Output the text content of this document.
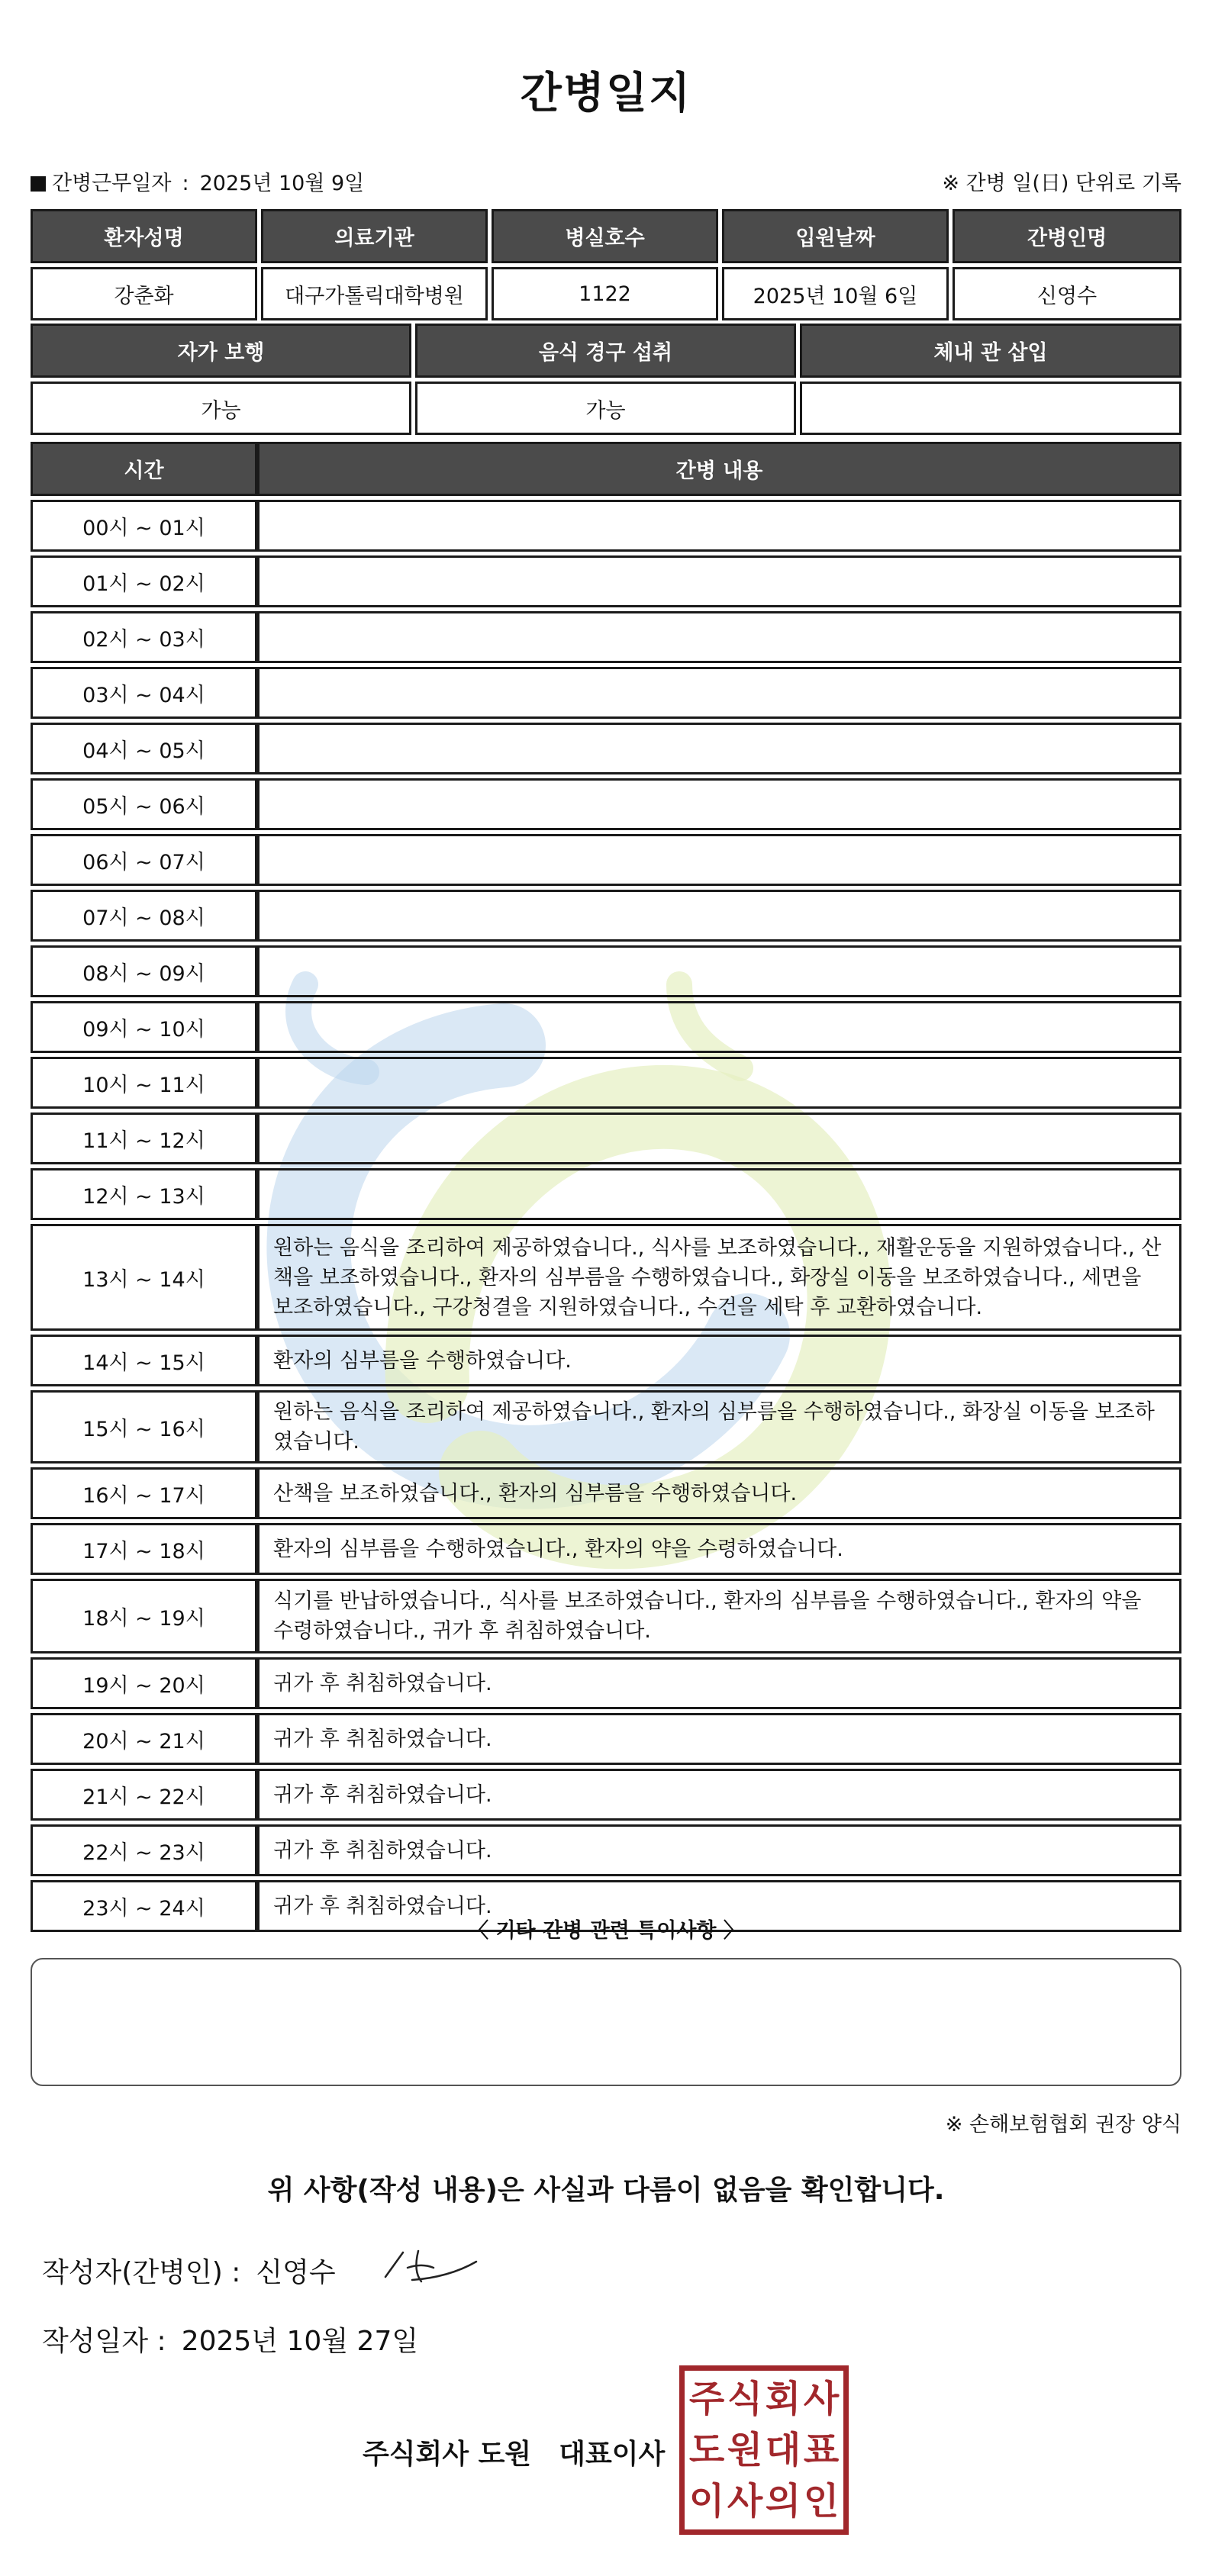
간병일지
간병근무일자 : 2025년 10월 9일	※ 간병 일(日) 단위로 기록
환자성명	의료기관	병실호수	입원날짜	간병인명
강춘화	대구가톨릭대학병원	1122	2025년 10월 6일	신영수
자가 보행	음식 경구 섭취	체내 관 삽입
가능	가능
시간	간병 내용
00시 ~ 01시	
01시 ~ 02시	
02시 ~ 03시	
03시 ~ 04시	
04시 ~ 05시	
05시 ~ 06시	
06시 ~ 07시	
07시 ~ 08시	
08시 ~ 09시	
09시 ~ 10시	
10시 ~ 11시	
11시 ~ 12시	
12시 ~ 13시	
13시 ~ 14시	원하는 음식을 조리하여 제공하였습니다., 식사를 보조하였습니다., 재활운동을 지원하였습니다., 산책을 보조하였습니다., 환자의 심부름을 수행하였습니다., 화장실 이동을 보조하였습니다., 세면을 보조하였습니다., 구강청결을 지원하였습니다., 수건을 세탁 후 교환하였습니다.
14시 ~ 15시	환자의 심부름을 수행하였습니다.
15시 ~ 16시	원하는 음식을 조리하여 제공하였습니다., 환자의 심부름을 수행하였습니다., 화장실 이동을 보조하였습니다.
16시 ~ 17시	산책을 보조하였습니다., 환자의 심부름을 수행하였습니다.
17시 ~ 18시	환자의 심부름을 수행하였습니다., 환자의 약을 수령하였습니다.
18시 ~ 19시	식기를 반납하였습니다., 식사를 보조하였습니다., 환자의 심부름을 수행하였습니다., 환자의 약을 수령하였습니다., 귀가 후 취침하였습니다.
19시 ~ 20시	귀가 후 취침하였습니다.
20시 ~ 21시	귀가 후 취침하였습니다.
21시 ~ 22시	귀가 후 취침하였습니다.
22시 ~ 23시	귀가 후 취침하였습니다.
23시 ~ 24시	귀가 후 취침하였습니다.
〈 기타 간병 관련 특이사항 〉
※ 손해보험협회 권장 양식
위 사항(작성 내용)은 사실과 다름이 없음을 확인합니다.
작성자(간병인) : 신영수
작성일자 : 2025년 10월 27일
주식회사 도원 대표이사
주 식 회 사
도 원 대 표
이 사 의 인
